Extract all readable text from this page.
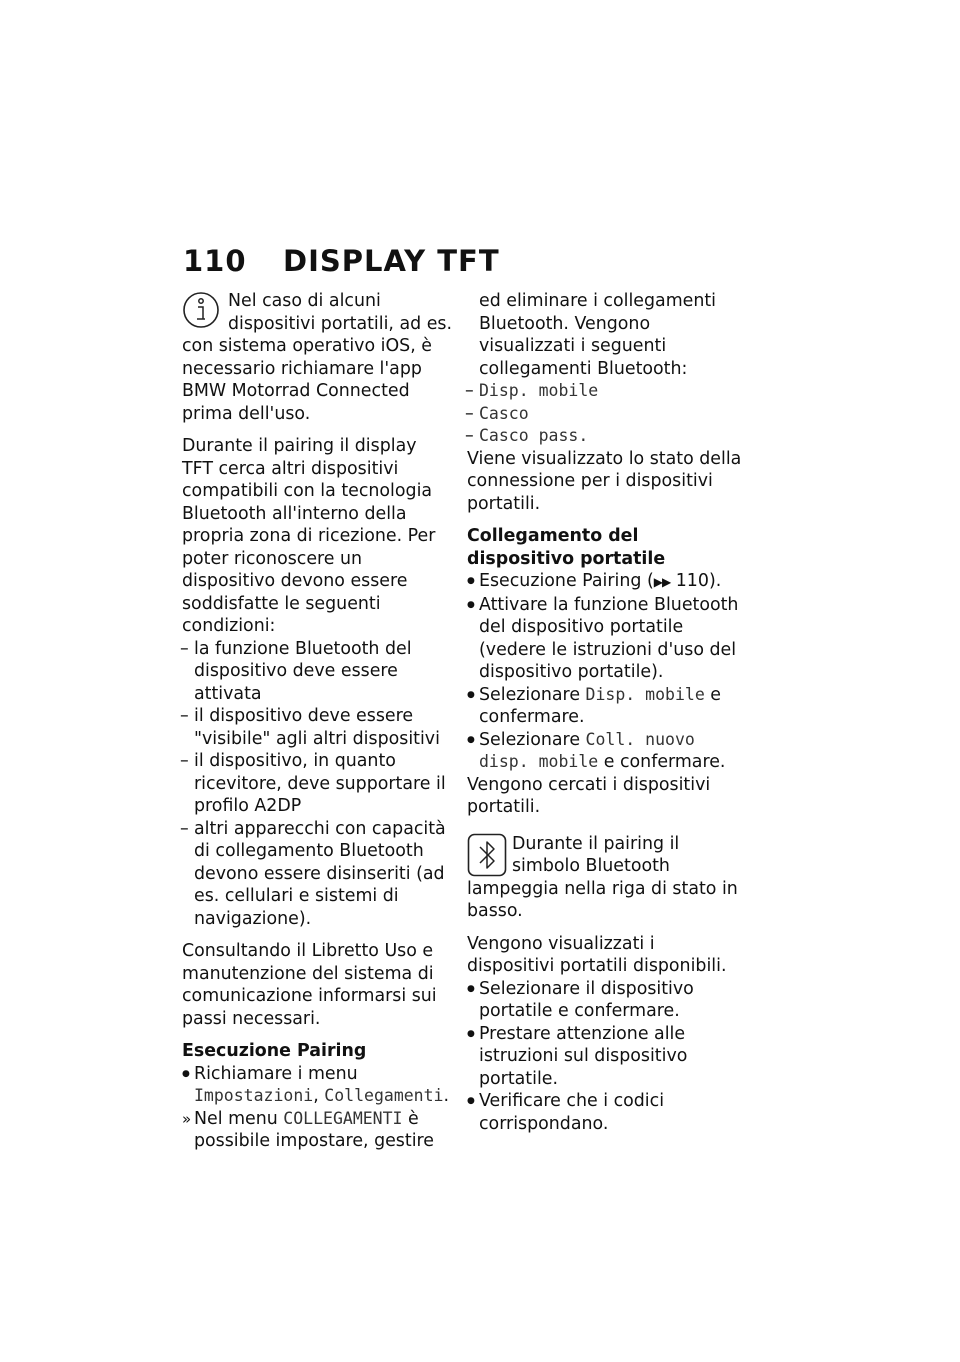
110 DISPLAY TFT
Nel caso di alcuni dispositivi portatili, ad es. con sistema operativo iOS, è necessario richiamare l'app BMW Motorrad Connected prima dell'uso.

Durante il pairing il display TFT cerca altri dispositivi compatibili con la tecnologia Bluetooth all'interno della propria zona di ricezione. Per poter riconoscere un dispositivo devono essere soddisfatte le seguenti condizioni:

– la funzione Bluetooth del dispositivo deve essere attivata
– il dispositivo deve essere "visibile" agli altri dispositivi
– il dispositivo, in quanto ricevitore, deve supportare il profilo A2DP
– altri apparecchi con capacità di collegamento Bluetooth devono essere disinseriti (ad es. cellulari e sistemi di navigazione).

Consultando il Libretto Uso e manutenzione del sistema di comunicazione informarsi sui passi necessari.

Esecuzione Pairing

● Richiamare i menu Impostazioni, Collegamenti.
» Nel menu COLLEGAMENTI è possibile impostare, gestire

ed eliminare i collegamenti Bluetooth. Vengono visualizzati i seguenti collegamenti Bluetooth:

– Disp. mobile
– Casco
– Casco pass.

Viene visualizzato lo stato della connessione per i dispositivi portatili.

Collegamento del dispositivo portatile

● Esecuzione Pairing (▶▶ 110).
● Attivare la funzione Bluetooth del dispositivo portatile (vedere le istruzioni d'uso del dispositivo portatile).
● Selezionare Disp. mobile e confermare.
● Selezionare Coll. nuovo disp. mobile e confermare.

Vengono cercati i dispositivi portatili.

Durante il pairing il simbolo Bluetooth lampeggia nella riga di stato in basso.

Vengono visualizzati i dispositivi portatili disponibili.

● Selezionare il dispositivo portatile e confermare.
● Prestare attenzione alle istruzioni sul dispositivo portatile.
● Verificare che i codici corrispondano.
